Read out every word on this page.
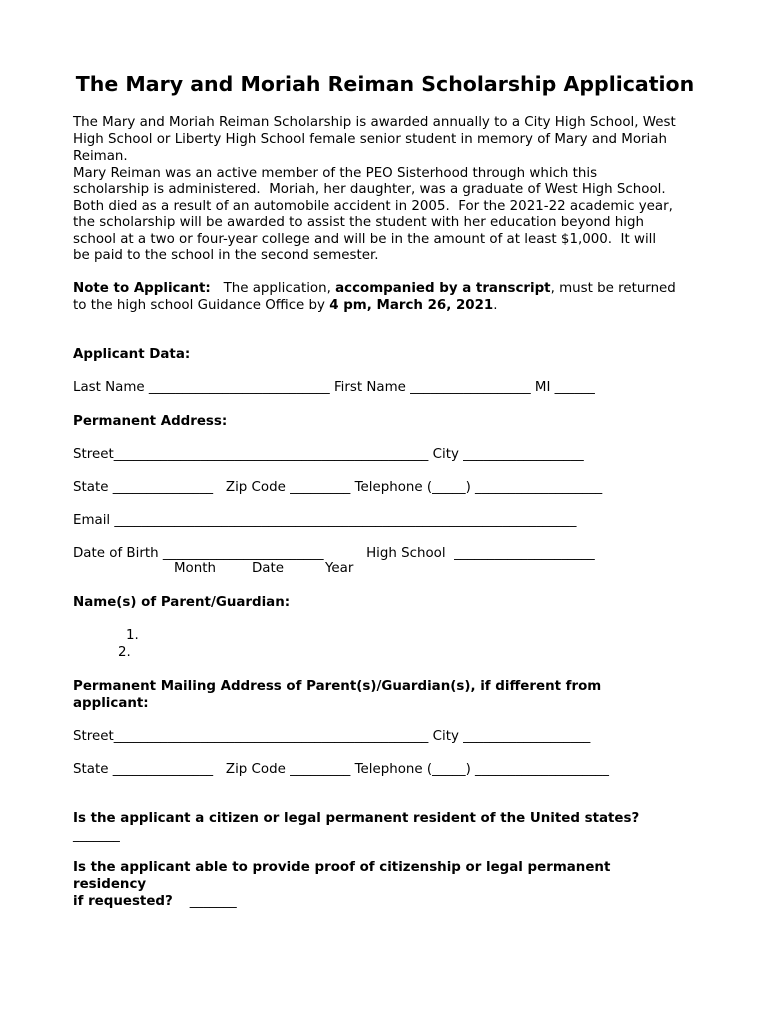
The Mary and Moriah Reiman Scholarship Application

The Mary and Moriah Reiman Scholarship is awarded annually to a City High School, West

High School or Liberty High School female senior student in memory of Mary and Moriah

Reiman.

Mary Reiman was an active member of the PEO Sisterhood through which this

scholarship is administered.  Moriah, her daughter, was a graduate of West High School.

Both died as a result of an automobile accident in 2005.  For the 2021-22 academic year,

the scholarship will be awarded to assist the student with her education beyond high

school at a two or four-year college and will be in the amount of at least $1,000.  It will

be paid to the school in the second semester.

Note to Applicant:   The application, accompanied by a transcript, must be returned

to the high school Guidance Office by 4 pm, March 26, 2021.

Applicant Data:

Last Name ___________________________ First Name __________________ MI ______

Permanent Address:

Street_______________________________________________ City __________________

State _______________   Zip Code _________ Telephone (_____) ___________________

Email _____________________________________________________________________

Date of Birth ________________________          High School  _____________________

Month	Date	Year

Name(s) of Parent/Guardian:

1.
2.

Permanent Mailing Address of Parent(s)/Guardian(s), if different from

applicant:

Street_______________________________________________ City ___________________

State _______________   Zip Code _________ Telephone (_____) ____________________

Is the applicant a citizen or legal permanent resident of the United states?

_______

Is the applicant able to provide proof of citizenship or legal permanent

residency

if requested?    _______
